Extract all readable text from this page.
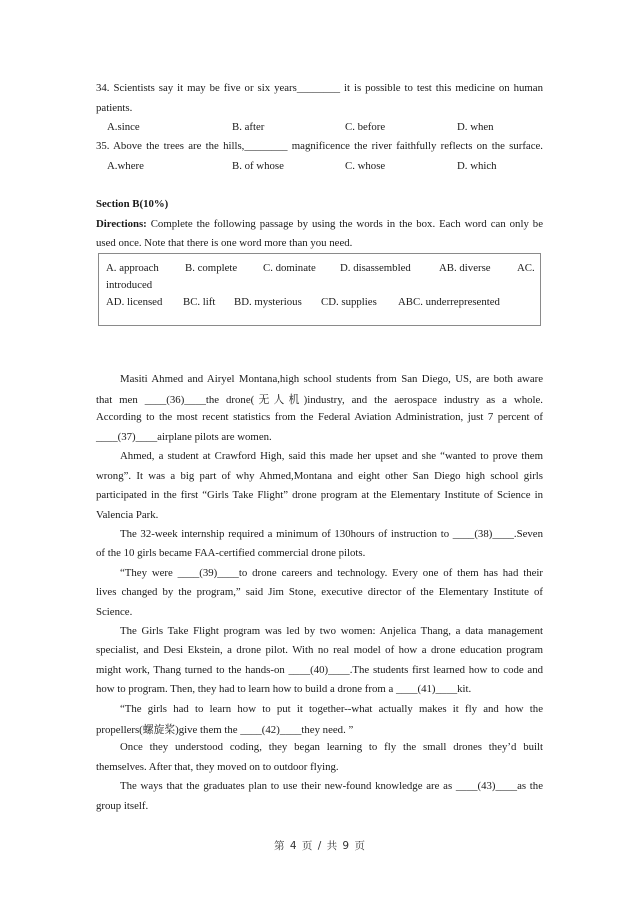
34. Scientists say it may be five or six years________ it is possible to test this medicine on human
patients.
A.since	B. after	C. before	D. when
35. Above the trees are the hills,________ magnificence the river faithfully reflects on the surface.
A.where	B. of whose	C. whose	D. which
Section B(10%)
Directions: Complete the following passage by using the words in the box. Each word can only be
used once. Note that there is one word more than you need.
A. approach B. complete C. dominate D. disassembled	AB. diverse AC.
introduced
AD. licensed BC. lift BD. mysterious CD. supplies ABC. underrepresented
Masiti Ahmed and Airyel Montana,high school students from San Diego, US, are both aware
that men ____(36)____the drone(无人机)industry, and the aerospace industry as a whole.
According to the most recent statistics from the Federal Aviation Administration, just 7 percent of
____(37)____airplane pilots are women.
Ahmed, a student at Crawford High, said this made her upset and she “wanted to prove them
wrong”. It was a big part of why Ahmed,Montana and eight other San Diego high school girls
participated in the first “Girls Take Flight” drone program at the Elementary Institute of Science in
Valencia Park.
The 32-week internship required a minimum of 130hours of instruction to ____(38)____.Seven
of the 10 girls became FAA-certified commercial drone pilots.
“They were ____(39)____to drone careers and technology. Every one of them has had their
lives changed by the program,” said Jim Stone, executive director of the Elementary Institute of
Science.
The Girls Take Flight program was led by two women: Anjelica Thang, a data management
specialist, and Desi Ekstein, a drone pilot. With no real model of how a drone education program
might work, Thang turned to the hands-on ____(40)____.The students first learned how to code and
how to program. Then, they had to learn how to build a drone from a ____(41)____kit.
“The girls had to learn how to put it together--what actually makes it fly and how the
propellers(螺旋桨)give them the ____(42)____they need. ”
Once they understood coding, they began learning to fly the small drones they’d built
themselves. After that, they moved on to outdoor flying.
The ways that the graduates plan to use their new-found knowledge are as ____(43)____as the
group itself.
第 4 页 / 共 9 页
